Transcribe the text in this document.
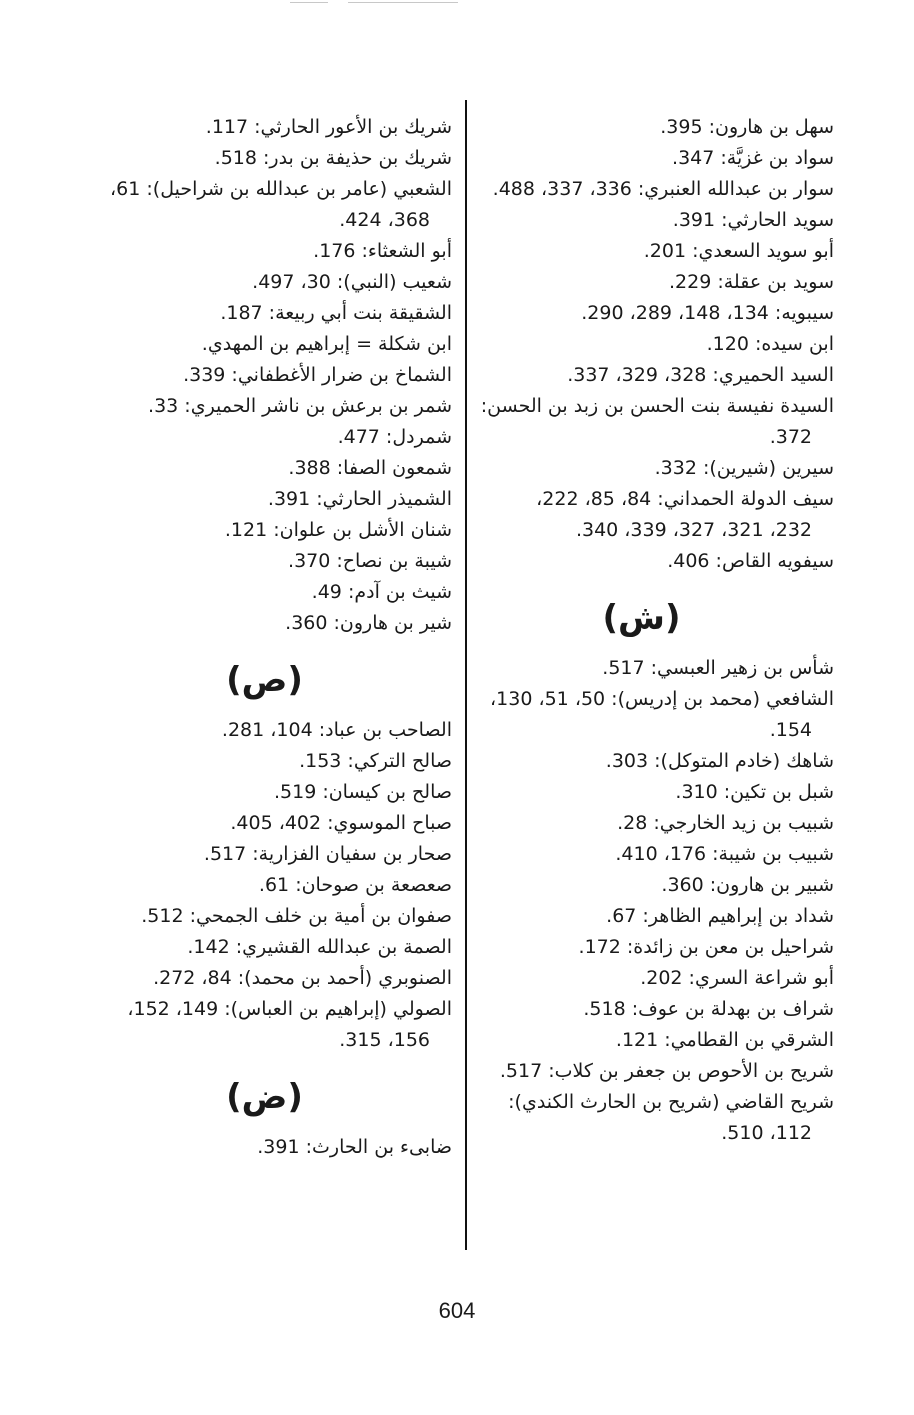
سهل بن هارون: 395.
سواد بن غزيَّة: 347.
سوار بن عبدالله العنبري: 336، 337، 488.
سويد الحارثي: 391.
أبو سويد السعدي: 201.
سويد بن عقلة: 229.
سيبويه: 134، 148، 289، 290.
ابن سيده: 120.
السيد الحميري: 328، 329، 337.
السيدة نفيسة بنت الحسن بن زبد بن الحسن:
372.
سيرين (شيرين): 332.
سيف الدولة الحمداني: 84، 85، 222،
232، 321، 327، 339، 340.
سيفويه القاص: 406.
(ش)
شأس بن زهير العبسي: 517.
الشافعي (محمد بن إدريس): 50، 51، 130،
154.
شاهك (خادم المتوكل): 303.
شبل بن تكين: 310.
شبيب بن زيد الخارجي: 28.
شبيب بن شيبة: 176، 410.
شبير بن هارون: 360.
شداد بن إبراهيم الظاهر: 67.
شراحيل بن معن بن زائدة: 172.
أبو شراعة السري: 202.
شراف بن بهدلة بن عوف: 518.
الشرقي بن القطامي: 121.
شريح بن الأحوص بن جعفر بن كلاب: 517.
شريح القاضي (شريح بن الحارث الكندي):
112، 510.
شريك بن الأعور الحارثي: 117.
شريك بن حذيفة بن بدر: 518.
الشعبي (عامر بن عبدالله بن شراحيل): 61،
368، 424.
أبو الشعثاء: 176.
شعيب (النبي): 30، 497.
الشقيقة بنت أبي ربيعة: 187.
ابن شكلة = إبراهيم بن المهدي.
الشماخ بن ضرار الأغطفاني: 339.
شمر بن برعش بن ناشر الحميري: 33.
شمردل: 477.
شمعون الصفا: 388.
الشميذر الحارثي: 391.
شنان الأشل بن علوان: 121.
شيبة بن نصاح: 370.
شيث بن آدم: 49.
شير بن هارون: 360.
(ص)
الصاحب بن عباد: 104، 281.
صالح التركي: 153.
صالح بن كيسان: 519.
صباح الموسوي: 402، 405.
صحار بن سفيان الفزارية: 517.
صعصعة بن صوحان: 61.
صفوان بن أمية بن خلف الجمحي: 512.
الصمة بن عبدالله القشيري: 142.
الصنوبري (أحمد بن محمد): 84، 272.
الصولي (إبراهيم بن العباس): 149، 152،
156، 315.
(ض)
ضابىء بن الحارث: 391.
604
